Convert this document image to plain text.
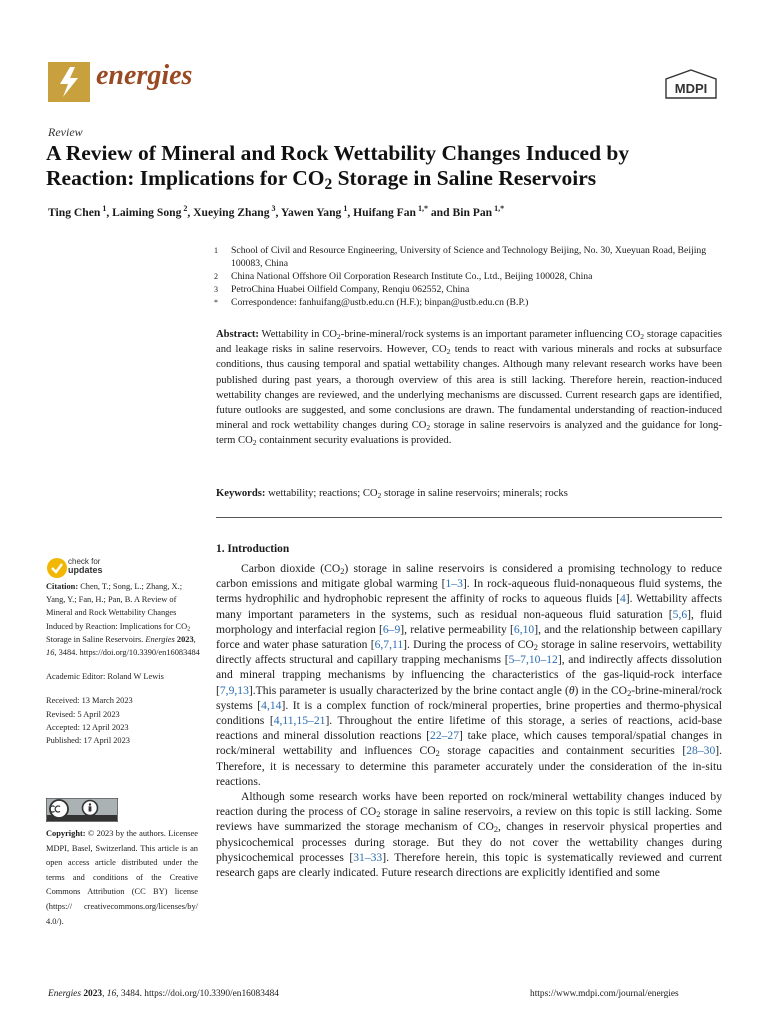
energies	MDPI
Review
A Review of Mineral and Rock Wettability Changes Induced by
Reaction: Implications for $CO_2$ Storage in Saline Reservoirs
Ting Chen $^1$, Laiming Song $^2$, Xueying Zhang $^3$, Yawen Yang $^1$, Huifang Fan $^{1,*}$ and Bin Pan $^{1,*}$
1	School of Civil and Resource Engineering, University of Science and Technology Beijing, No. 30, Xueyuan Road, Beijing 100083, China
2	China National Offshore Oil Corporation Research Institute Co., Ltd., Beijing 100028, China
3	PetroChina Huabei Oilfield Company, Renqiu 062552, China
*	Correspondence: fanhuifang@ustb.edu.cn (H.F.); binpan@ustb.edu.cn (B.P.)
Abstract: Wettability in $CO_2-brine-mineral$/rock systems is an important parameter influencing $CO_2$ storage capacities and leakage risks in saline reservoirs. However, $CO_2$ tends to react with various minerals and rocks at subsurface conditions, thus causing temporal and spatial wettability changes. Although many relevant research works have been published during past years, a thorough overview of this area is still lacking. Therefore herein, reaction-induced wettability changes are reviewed, and the underlying mechanisms are discussed. Current research gaps are identified, future outlooks are suggested, and some conclusions are drawn. The fundamental understanding of reaction-induced mineral and rock wettability changes during $CO_2$ storage in saline reservoirs is analyzed and the guidance for long-term $CO_2$ containment security evaluations is provided.
Keywords: wettability; reactions; $CO_2$ storage in saline reservoirs; minerals; rocks
check for
updates

Citation: Chen, T.; Song, L.; Zhang, X.; Yang, Y.; Fan, H.; Pan, B. A Review of Mineral and Rock Wettability Changes Induced by Reaction: Implications for $CO_2$ Storage in Saline Reservoirs. Energies 2023, 16, 3484. https://doi.org/10.3390/en16083484

Academic Editor: Roland W Lewis

Received: 13 March 2023

Revised: 5 April 2023

Accepted: 12 April 2023

Published: 17 April 2023

Copyright: © 2023 by the authors. Licensee MDPI, Basel, Switzerland. This article is an open access article distributed under the terms and conditions of the Creative Commons Attribution (CC BY) license (https:// creativecommons.org/licenses/by/ 4.0/).
1. Introduction

Carbon dioxide $(CO_2)$ storage in saline reservoirs is considered a promising technology to reduce carbon emissions and mitigate global warming [1–3]. In rock-aqueous fluid-nonaqueous fluid systems, the terms hydrophilic and hydrophobic represent the affinity of rocks to aqueous fluids [4]. Wettability affects many important parameters in the systems, such as residual non-aqueous fluid saturation [5,6], fluid morphology and interfacial region [6–9], relative permeability [6,10], and the relationship between capillary force and water phase saturation [6,7,11]. During the process of $CO_2$ storage in saline reservoirs, wettability directly affects structural and capillary trapping mechanisms [5–7,10–12], and indirectly affects dissolution and mineral trapping mechanisms by influencing the characteristics of the gas-liquid-rock interface [7,9,13].This parameter is usually characterized by the brine contact angle (θ) in the $CO_2-brine-mineral$/rock systems [4,14]. It is a complex function of rock/mineral properties, brine properties and thermo-physical conditions [4,11,15–21]. Throughout the entire lifetime of this storage, a series of reactions, acid-base reactions and mineral dissolution reactions [22–27] take place, which causes temporal/spatial changes in rock/mineral wettability and influences $CO_2$ storage capacities and containment securities [28–30]. Therefore, it is necessary to determine this parameter accurately under the consideration of the in-situ reactions.

Although some research works have been reported on rock/mineral wettability changes induced by reaction during the process of $CO_2$ storage in saline reservoirs, a review on this topic is still lacking. Some reviews have summarized the storage mechanism of $CO_2$, changes in reservoir physical properties and physicochemical processes during storage. But they do not cover the wettability changes during physicochemical processes [31–33]. Therefore herein, this topic is systematically reviewed and current research gaps are clearly indicated. Future research directions are explicitly identified and some

Energies 2023, 16, 3484. https://doi.org/10.3390/en16083484	https://www.mdpi.com/journal/energies
